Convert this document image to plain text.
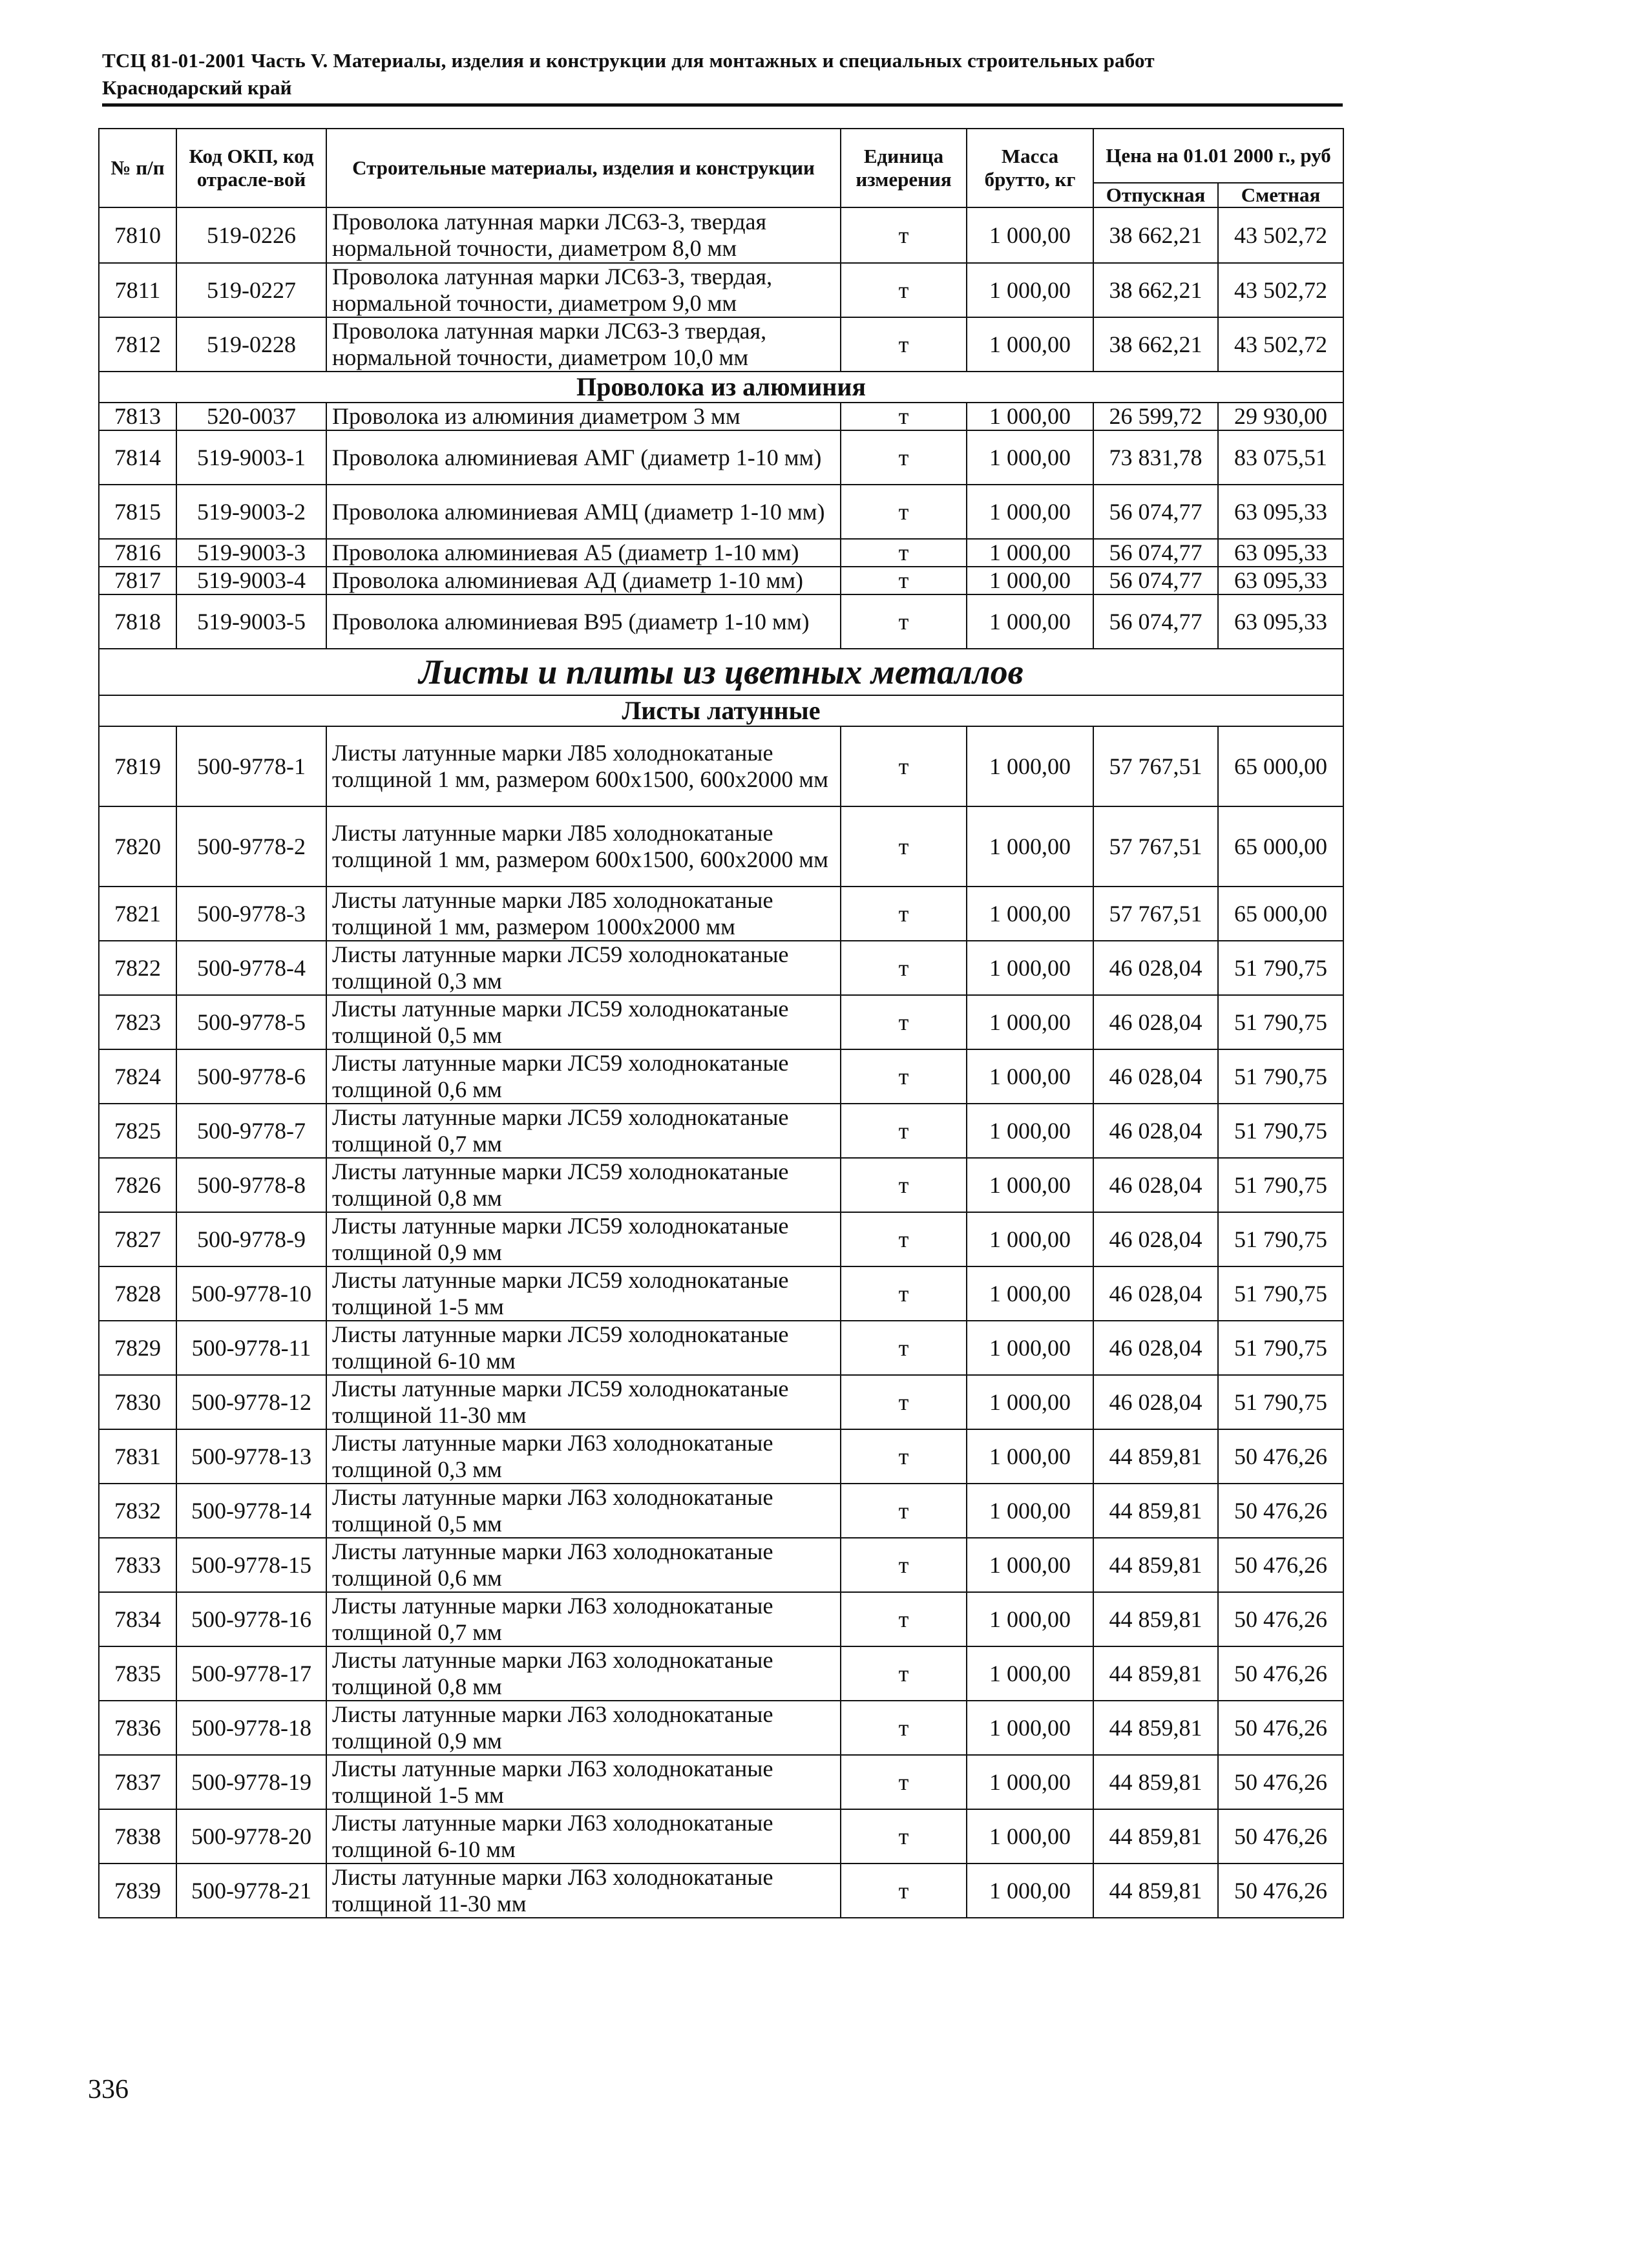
ТСЦ 81-01-2001 Часть V. Материалы, изделия и конструкции для монтажных и специальных строительных работ
Краснодарский край
№ п/п	Код ОКП, код отрасле-вой	Строительные материалы, изделия и конструкции	Единица измерения	Масса брутто, кг	Цена на 01.01 2000 г., руб	
					Отпускная	Сметная
7810	519-0226	Проволока латунная марки ЛС63-3, твердая нормальной точности, диаметром 8,0 мм	т	1 000,00	38 662,21	43 502,72
7811	519-0227	Проволока латунная марки ЛС63-3, твердая, нормальной точности, диаметром 9,0 мм	т	1 000,00	38 662,21	43 502,72
7812	519-0228	Проволока латунная марки ЛС63-3 твердая, нормальной точности, диаметром 10,0 мм	т	1 000,00	38 662,21	43 502,72
Проволока из алюминия						
7813	520-0037	Проволока из алюминия диаметром 3 мм	т	1 000,00	26 599,72	29 930,00
7814	519-9003-1	Проволока алюминиевая АМГ (диаметр 1-10 мм)	т	1 000,00	73 831,78	83 075,51
7815	519-9003-2	Проволока алюминиевая АМЦ (диаметр 1-10 мм)	т	1 000,00	56 074,77	63 095,33
7816	519-9003-3	Проволока алюминиевая А5 (диаметр 1-10 мм)	т	1 000,00	56 074,77	63 095,33
7817	519-9003-4	Проволока алюминиевая АД (диаметр 1-10 мм)	т	1 000,00	56 074,77	63 095,33
7818	519-9003-5	Проволока алюминиевая В95 (диаметр 1-10 мм)	т	1 000,00	56 074,77	63 095,33
Листы и плиты из цветных металлов						
Листы латунные						
7819	500-9778-1	Листы латунные марки Л85 холоднокатаные толщиной 1 мм, размером 600х1500, 600х2000 мм	т	1 000,00	57 767,51	65 000,00
7820	500-9778-2	Листы латунные марки Л85 холоднокатаные толщиной 1 мм, размером 600х1500, 600х2000 мм	т	1 000,00	57 767,51	65 000,00
7821	500-9778-3	Листы латунные марки Л85 холоднокатаные толщиной 1 мм, размером 1000х2000 мм	т	1 000,00	57 767,51	65 000,00
7822	500-9778-4	Листы латунные марки ЛС59 холоднокатаные толщиной 0,3 мм	т	1 000,00	46 028,04	51 790,75
7823	500-9778-5	Листы латунные марки ЛС59 холоднокатаные толщиной 0,5 мм	т	1 000,00	46 028,04	51 790,75
7824	500-9778-6	Листы латунные марки ЛС59 холоднокатаные толщиной 0,6 мм	т	1 000,00	46 028,04	51 790,75
7825	500-9778-7	Листы латунные марки ЛС59 холоднокатаные толщиной 0,7 мм	т	1 000,00	46 028,04	51 790,75
7826	500-9778-8	Листы латунные марки ЛС59 холоднокатаные толщиной 0,8 мм	т	1 000,00	46 028,04	51 790,75
7827	500-9778-9	Листы латунные марки ЛС59 холоднокатаные толщиной 0,9 мм	т	1 000,00	46 028,04	51 790,75
7828	500-9778-10	Листы латунные марки ЛС59 холоднокатаные толщиной 1-5 мм	т	1 000,00	46 028,04	51 790,75
7829	500-9778-11	Листы латунные марки ЛС59 холоднокатаные толщиной 6-10 мм	т	1 000,00	46 028,04	51 790,75
7830	500-9778-12	Листы латунные марки ЛС59 холоднокатаные толщиной 11-30 мм	т	1 000,00	46 028,04	51 790,75
7831	500-9778-13	Листы латунные марки Л63 холоднокатаные толщиной 0,3 мм	т	1 000,00	44 859,81	50 476,26
7832	500-9778-14	Листы латунные марки Л63 холоднокатаные толщиной 0,5 мм	т	1 000,00	44 859,81	50 476,26
7833	500-9778-15	Листы латунные марки Л63 холоднокатаные толщиной 0,6 мм	т	1 000,00	44 859,81	50 476,26
7834	500-9778-16	Листы латунные марки Л63 холоднокатаные толщиной 0,7 мм	т	1 000,00	44 859,81	50 476,26
7835	500-9778-17	Листы латунные марки Л63 холоднокатаные толщиной 0,8 мм	т	1 000,00	44 859,81	50 476,26
7836	500-9778-18	Листы латунные марки Л63 холоднокатаные толщиной 0,9 мм	т	1 000,00	44 859,81	50 476,26
7837	500-9778-19	Листы латунные марки Л63 холоднокатаные толщиной 1-5 мм	т	1 000,00	44 859,81	50 476,26
7838	500-9778-20	Листы латунные марки Л63 холоднокатаные толщиной 6-10 мм	т	1 000,00	44 859,81	50 476,26
7839	500-9778-21	Листы латунные марки Л63 холоднокатаные толщиной 11-30 мм	т	1 000,00	44 859,81	50 476,26
336
